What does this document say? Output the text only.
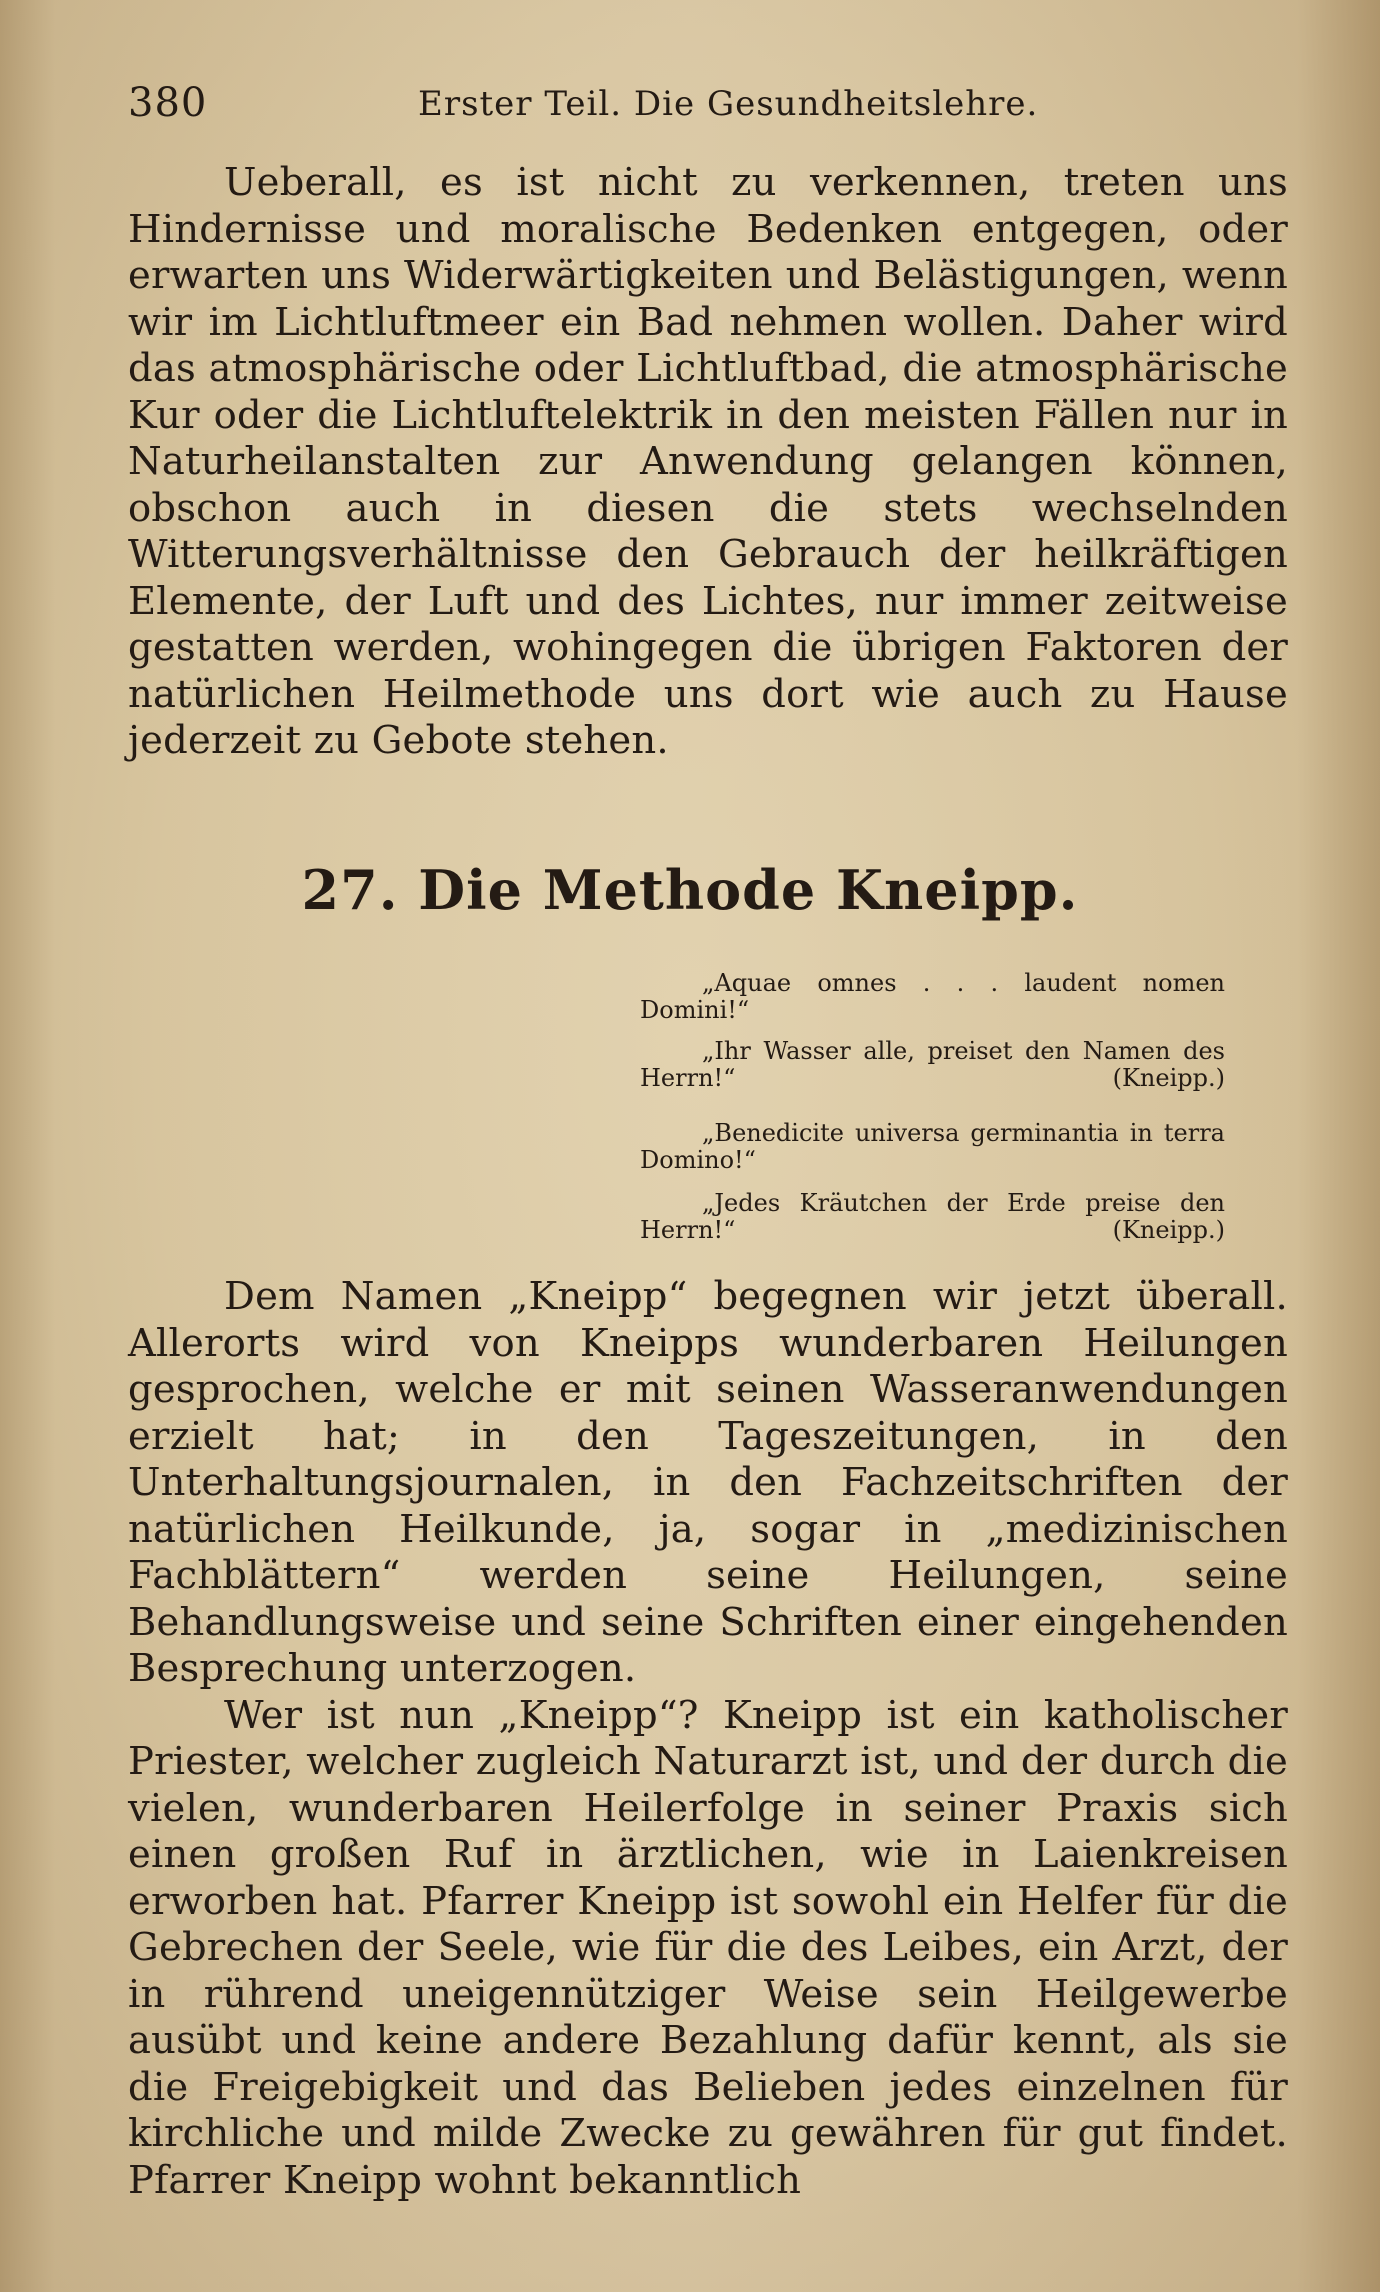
380	Erster Teil. Die Gesundheitslehre.

Ueberall, es ist nicht zu verkennen, treten uns Hindernisse und moralische Bedenken entgegen, oder erwarten uns Widerwärtigkeiten und Belästigungen, wenn wir im Lichtluftmeer ein Bad nehmen wollen. Daher wird das atmosphärische oder Lichtluftbad, die atmosphärische Kur oder die Lichtluftelektrik in den meisten Fällen nur in Naturheilanstalten zur Anwendung gelangen können, obschon auch in diesen die stets wechselnden Witterungsverhältnisse den Gebrauch der heilkräftigen Elemente, der Luft und des Lichtes, nur immer zeitweise gestatten werden, wohingegen die übrigen Faktoren der natürlichen Heilmethode uns dort wie auch zu Hause jederzeit zu Gebote stehen.

27. Die Methode Kneipp.
„Aquae omnes . . . laudent nomen Domini!“
„Ihr Wasser alle, preiset den Namen des Herrn!“	(Kneipp.)
„Benedicite universa germinantia in terra Domino!“
„Jedes Kräutchen der Erde preise den Herrn!“	(Kneipp.)

Dem Namen „Kneipp“ begegnen wir jetzt überall. Allerorts wird von Kneipps wunderbaren Heilungen gesprochen, welche er mit seinen Wasseranwendungen erzielt hat; in den Tageszeitungen, in den Unterhaltungsjournalen, in den Fachzeitschriften der natürlichen Heilkunde, ja, sogar in „medizinischen Fachblättern“ werden seine Heilungen, seine Behandlungsweise und seine Schriften einer eingehenden Besprechung unterzogen.

Wer ist nun „Kneipp“? Kneipp ist ein katholischer Priester, welcher zugleich Naturarzt ist, und der durch die vielen, wunderbaren Heilerfolge in seiner Praxis sich einen großen Ruf in ärztlichen, wie in Laienkreisen erworben hat. Pfarrer Kneipp ist sowohl ein Helfer für die Gebrechen der Seele, wie für die des Leibes, ein Arzt, der in rührend uneigennütziger Weise sein Heilgewerbe ausübt und keine andere Bezahlung dafür kennt, als sie die Freigebigkeit und das Belieben jedes einzelnen für kirchliche und milde Zwecke zu gewähren für gut findet. Pfarrer Kneipp wohnt bekanntlich
